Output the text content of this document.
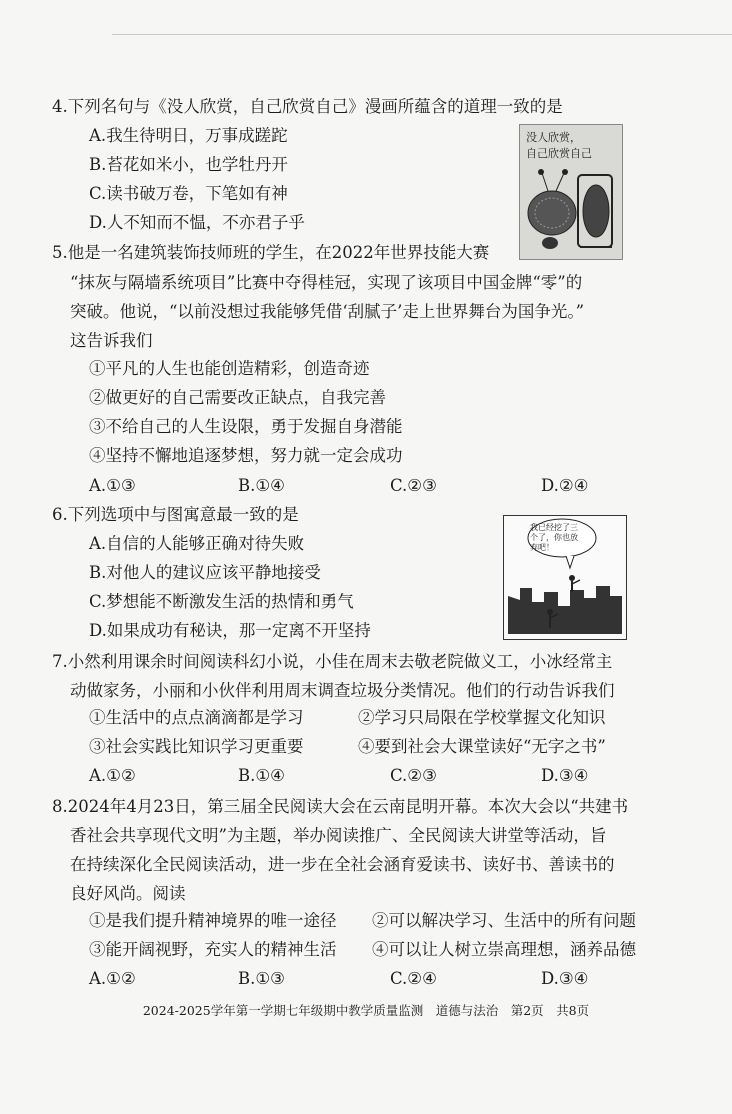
4.下列名句与《没人欣赏，自己欣赏自己》漫画所蕴含的道理一致的是
A.我生待明日，万事成蹉跎
B.苔花如米小，也学牡丹开
C.读书破万卷，下笔如有神
D.人不知而不愠，不亦君子乎
没人欣赏，
自己欣赏自己
5.他是一名建筑装饰技师班的学生，在2022年世界技能大赛
“抹灰与隔墙系统项目”比赛中夺得桂冠，实现了该项目中国金牌“零”的
突破。他说，“以前没想过我能够凭借‘刮腻子’走上世界舞台为国争光。”
这告诉我们
①平凡的人生也能创造精彩，创造奇迹
②做更好的自己需要改正缺点，自我完善
③不给自己的人生设限，勇于发掘自身潜能
④坚持不懈地追逐梦想，努力就一定会成功
A.①③	B.①④	C.②③	D.②④
6.下列选项中与图寓意最一致的是
A.自信的人能够正确对待失败
B.对他人的建议应该平静地接受
C.梦想能不断激发生活的热情和勇气
D.如果成功有秘诀，那一定离不开坚持
我已经挖了三
个了，你也放
弃吧！
7.小然利用课余时间阅读科幻小说，小佳在周末去敬老院做义工，小冰经常主
动做家务，小丽和小伙伴利用周末调查垃圾分类情况。他们的行动告诉我们
①生活中的点点滴滴都是学习	②学习只局限在学校掌握文化知识
③社会实践比知识学习更重要	④要到社会大课堂读好“无字之书”
A.①②	B.①④	C.②③	D.③④
8.2024年4月23日，第三届全民阅读大会在云南昆明开幕。本次大会以“共建书
香社会共享现代文明”为主题，举办阅读推广、全民阅读大讲堂等活动，旨
在持续深化全民阅读活动，进一步在全社会涵育爱读书、读好书、善读书的
良好风尚。阅读
①是我们提升精神境界的唯一途径 ②可以解决学习、生活中的所有问题
③能开阔视野，充实人的精神生活 ④可以让人树立崇高理想，涵养品德
A.①②	B.①③	C.②④	D.③④
2024-2025学年第一学期七年级期中教学质量监测　道德与法治　第2页　共8页
